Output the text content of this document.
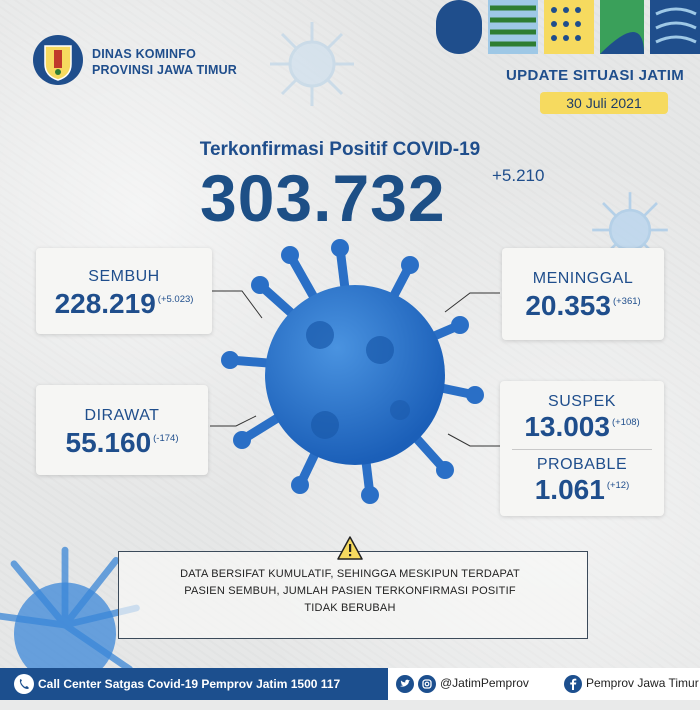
DINAS KOMINFO
PROVINSI JAWA TIMUR	UPDATE SITUASI JATIM
30 Juli 2021
Terkonfirmasi Positif COVID-19
303.732	+5.210
SEMBUH
228.219 $^{(+5.023)}$
MENINGGAL
20.353 $^{(+361)}$
DIRAWAT
55.160 $^{(-174)}$
SUSPEK
13.003 $^{(+108)}$
PROBABLE
1.061 $^{(+12)}$
DATA BERSIFAT KUMULATIF, SEHINGGA MESKIPUN TERDAPAT
PASIEN SEMBUH, JUMLAH PASIEN TERKONFIRMASI POSITIF
TIDAK BERUBAH
Call Center Satgas Covid-19 Pemprov Jatim 1500 117	@JatimPemprov	Pemprov Jawa Timur
